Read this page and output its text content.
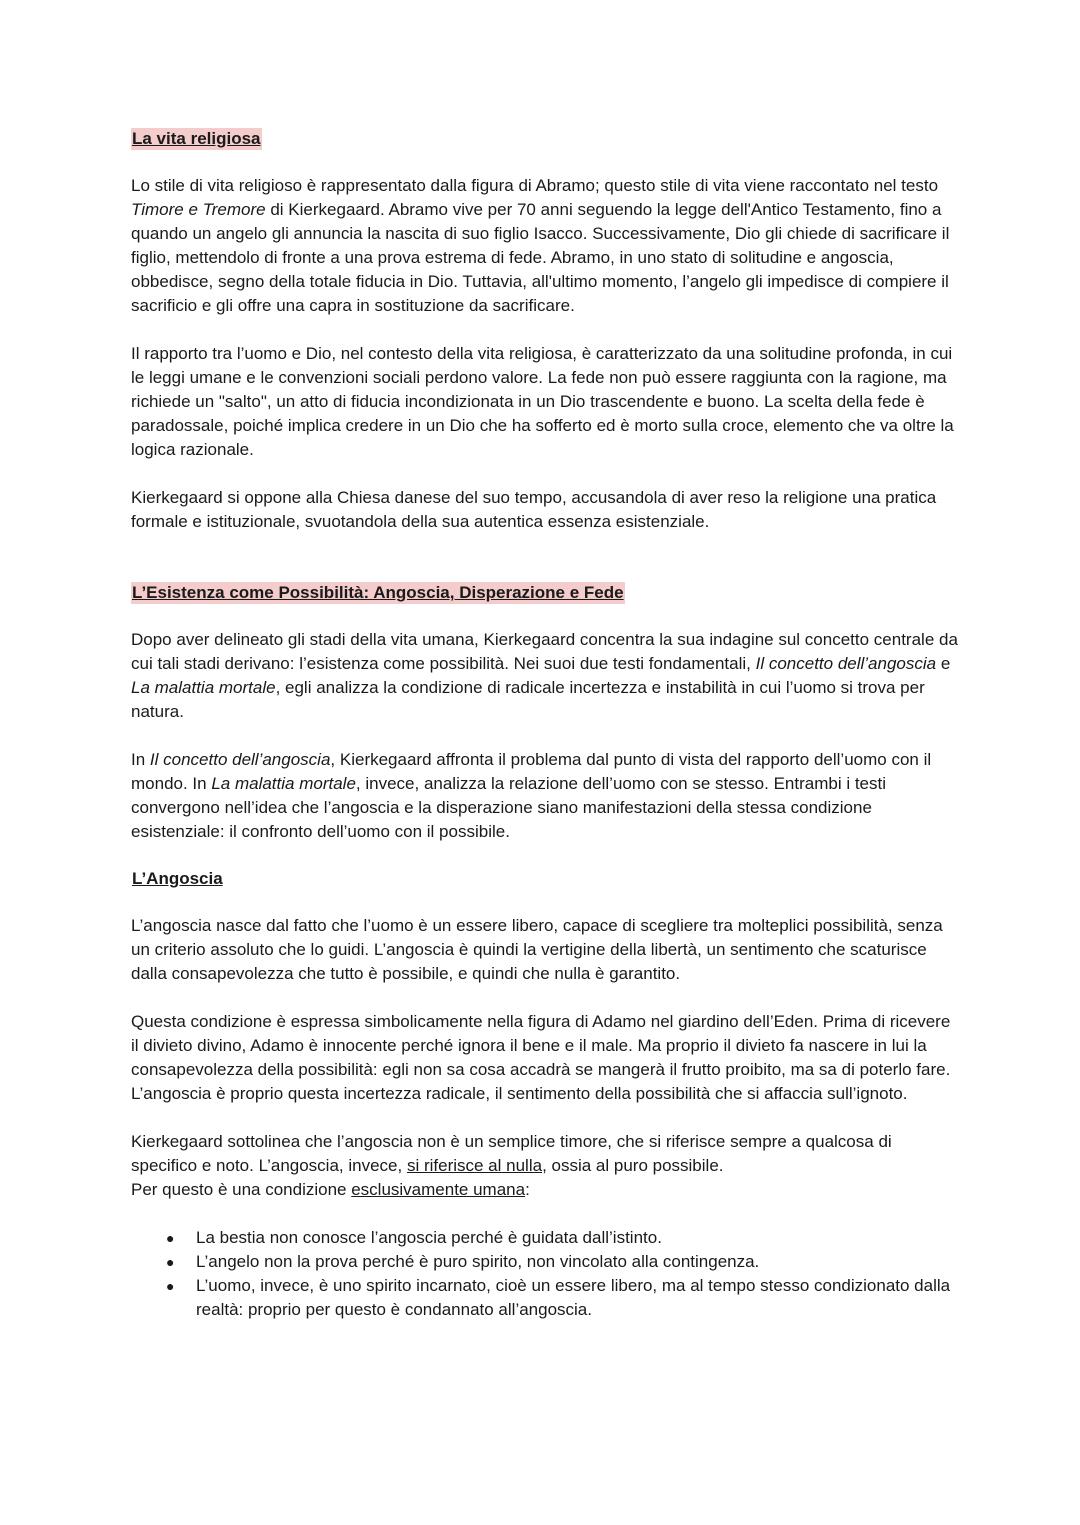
La vita religiosa

Lo stile di vita religioso è rappresentato dalla figura di Abramo; questo stile di vita viene raccontato nel testo Timore e Tremore di Kierkegaard. Abramo vive per 70 anni seguendo la legge dell'Antico Testamento, fino a quando un angelo gli annuncia la nascita di suo figlio Isacco. Successivamente, Dio gli chiede di sacrificare il figlio, mettendolo di fronte a una prova estrema di fede. Abramo, in uno stato di solitudine e angoscia, obbedisce, segno della totale fiducia in Dio. Tuttavia, all'ultimo momento, l’angelo gli impedisce di compiere il sacrificio e gli offre una capra in sostituzione da sacrificare.

Il rapporto tra l’uomo e Dio, nel contesto della vita religiosa, è caratterizzato da una solitudine profonda, in cui le leggi umane e le convenzioni sociali perdono valore. La fede non può essere raggiunta con la ragione, ma richiede un "salto", un atto di fiducia incondizionata in un Dio trascendente e buono. La scelta della fede è paradossale, poiché implica credere in un Dio che ha sofferto ed è morto sulla croce, elemento che va oltre la logica razionale.

Kierkegaard si oppone alla Chiesa danese del suo tempo, accusandola di aver reso la religione una pratica formale e istituzionale, svuotandola della sua autentica essenza esistenziale.

L’Esistenza come Possibilità: Angoscia, Disperazione e Fede

Dopo aver delineato gli stadi della vita umana, Kierkegaard concentra la sua indagine sul concetto centrale da cui tali stadi derivano: l’esistenza come possibilità. Nei suoi due testi fondamentali, Il concetto dell’angoscia e La malattia mortale, egli analizza la condizione di radicale incertezza e instabilità in cui l’uomo si trova per natura.

In Il concetto dell’angoscia, Kierkegaard affronta il problema dal punto di vista del rapporto dell’uomo con il mondo. In La malattia mortale, invece, analizza la relazione dell’uomo con se stesso. Entrambi i testi convergono nell’idea che l’angoscia e la disperazione siano manifestazioni della stessa condizione esistenziale: il confronto dell’uomo con il possibile.

L’Angoscia

L’angoscia nasce dal fatto che l’uomo è un essere libero, capace di scegliere tra molteplici possibilità, senza un criterio assoluto che lo guidi. L’angoscia è quindi la vertigine della libertà, un sentimento che scaturisce dalla consapevolezza che tutto è possibile, e quindi che nulla è garantito.

Questa condizione è espressa simbolicamente nella figura di Adamo nel giardino dell’Eden. Prima di ricevere il divieto divino, Adamo è innocente perché ignora il bene e il male. Ma proprio il divieto fa nascere in lui la consapevolezza della possibilità: egli non sa cosa accadrà se mangerà il frutto proibito, ma sa di poterlo fare. L’angoscia è proprio questa incertezza radicale, il sentimento della possibilità che si affaccia sull’ignoto.

Kierkegaard sottolinea che l’angoscia non è un semplice timore, che si riferisce sempre a qualcosa di specifico e noto. L’angoscia, invece, si riferisce al nulla, ossia al puro possibile.

Per questo è una condizione esclusivamente umana:

● La bestia non conosce l’angoscia perché è guidata dall’istinto.
● L’angelo non la prova perché è puro spirito, non vincolato alla contingenza.
● L’uomo, invece, è uno spirito incarnato, cioè un essere libero, ma al tempo stesso condizionato dalla realtà: proprio per questo è condannato all’angoscia.
